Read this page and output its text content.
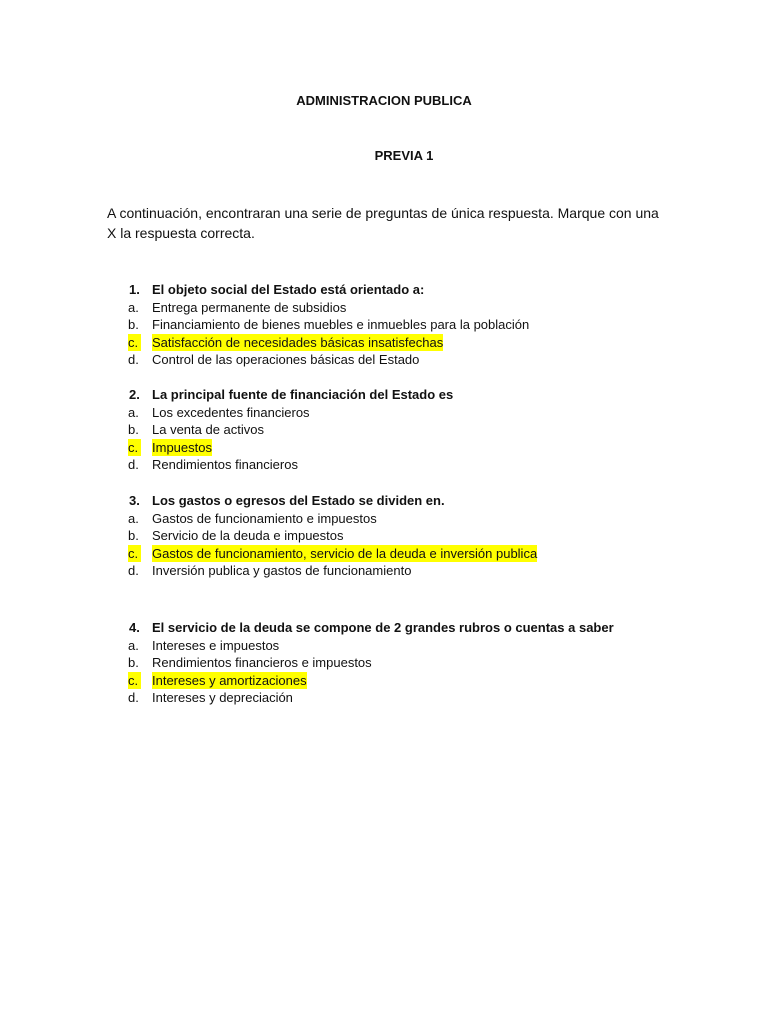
ADMINISTRACION PUBLICA
PREVIA 1
A continuación, encontraran una serie de preguntas de única respuesta. Marque con una X la respuesta correcta.
1. El objeto social del Estado está orientado a:
a. Entrega permanente de subsidios
b. Financiamiento de bienes muebles e inmuebles para la población
c. Satisfacción de necesidades básicas insatisfechas
d. Control de las operaciones básicas del Estado
2. La principal fuente de financiación del Estado es
a. Los excedentes financieros
b. La venta de activos
c. Impuestos
d. Rendimientos financieros
3. Los gastos o egresos del Estado se dividen en.
a. Gastos de funcionamiento e impuestos
b. Servicio de la deuda e impuestos
c. Gastos de funcionamiento, servicio de la deuda e inversión publica
d. Inversión publica y gastos de funcionamiento
4. El servicio de la deuda se compone de 2 grandes rubros o cuentas a saber
a. Intereses e impuestos
b. Rendimientos financieros e impuestos
c. Intereses y amortizaciones
d. Intereses y depreciación
